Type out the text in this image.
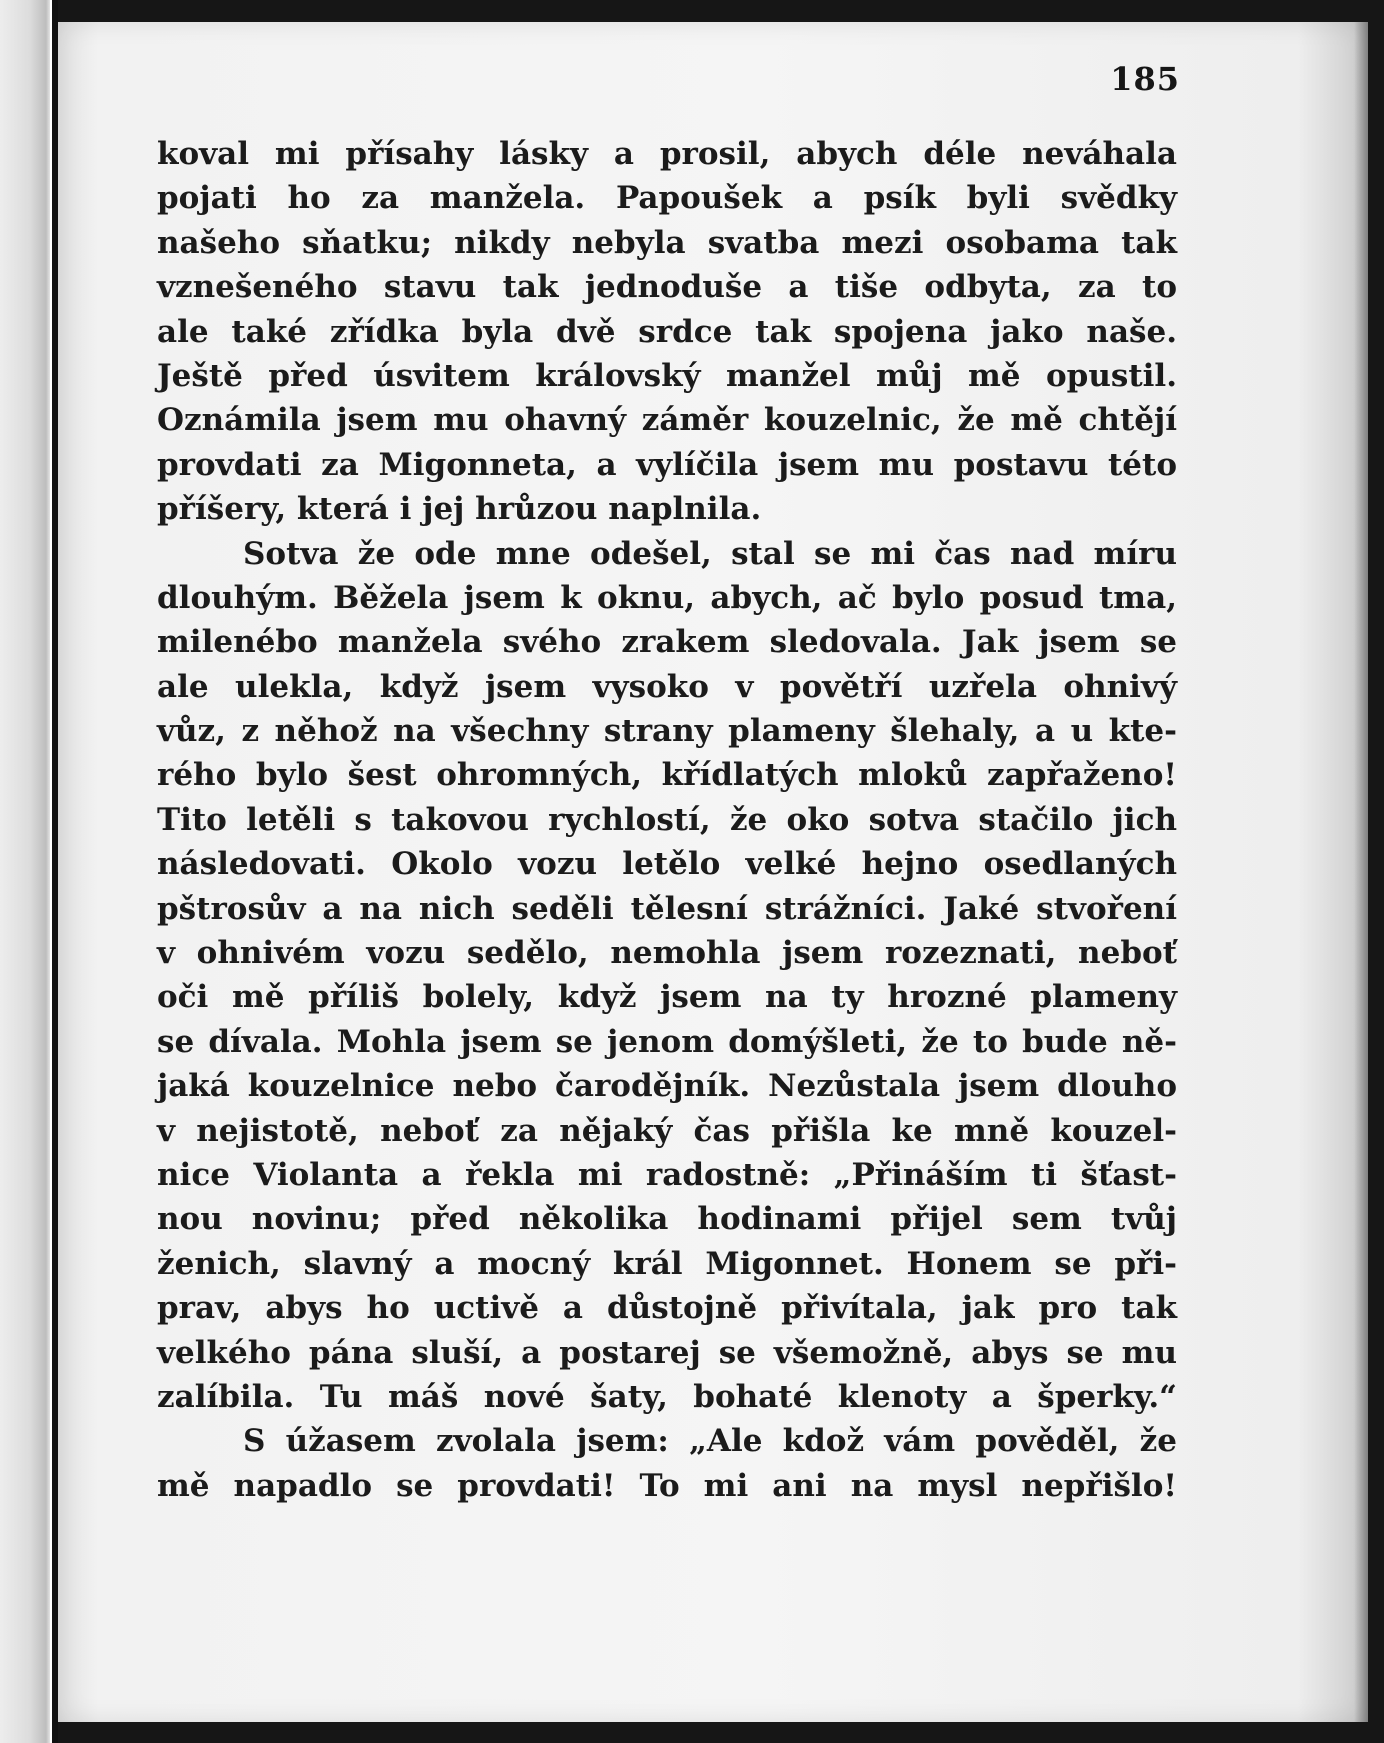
185
koval mi přísahy lásky a prosil, abych déle neváhala
pojati ho za manžela. Papoušek a psík byli svědky
našeho sňatku; nikdy nebyla svatba mezi osobama tak
vznešeného stavu tak jednoduše a tiše odbyta, za to
ale také zřídka byla dvě srdce tak spojena jako naše.
Ještě před úsvitem královský manžel můj mě opustil.
Oznámila jsem mu ohavný záměr kouzelnic, že mě chtějí
provdati za Migonneta, a vylíčila jsem mu postavu této
příšery, která i jej hrůzou naplnila.
Sotva že ode mne odešel, stal se mi čas nad míru
dlouhým. Běžela jsem k oknu, abych, ač bylo posud tma,
milenébo manžela svého zrakem sledovala. Jak jsem se
ale ulekla, když jsem vysoko v povětří uzřela ohnivý
vůz, z něhož na všechny strany plameny šlehaly, a u kte-
rého bylo šest ohromných, křídlatých mloků zapřaženo!
Tito letěli s takovou rychlostí, že oko sotva stačilo jich
následovati. Okolo vozu letělo velké hejno osedlaných
pštrosův a na nich seděli tělesní strážníci. Jaké stvoření
v ohnivém vozu sedělo, nemohla jsem rozeznati, neboť
oči mě příliš bolely, když jsem na ty hrozné plameny
se dívala. Mohla jsem se jenom domýšleti, že to bude ně-
jaká kouzelnice nebo čarodějník. Nezůstala jsem dlouho
v nejistotě, neboť za nějaký čas přišla ke mně kouzel-
nice Violanta a řekla mi radostně: „Přináším ti šťast-
nou novinu; před několika hodinami přijel sem tvůj
ženich, slavný a mocný král Migonnet. Honem se při-
prav, abys ho uctivě a důstojně přivítala, jak pro tak
velkého pána sluší, a postarej se všemožně, abys se mu
zalíbila. Tu máš nové šaty, bohaté klenoty a šperky.“
S úžasem zvolala jsem: „Ale kdož vám pověděl, že
mě napadlo se provdati! To mi ani na mysl nepřišlo!
